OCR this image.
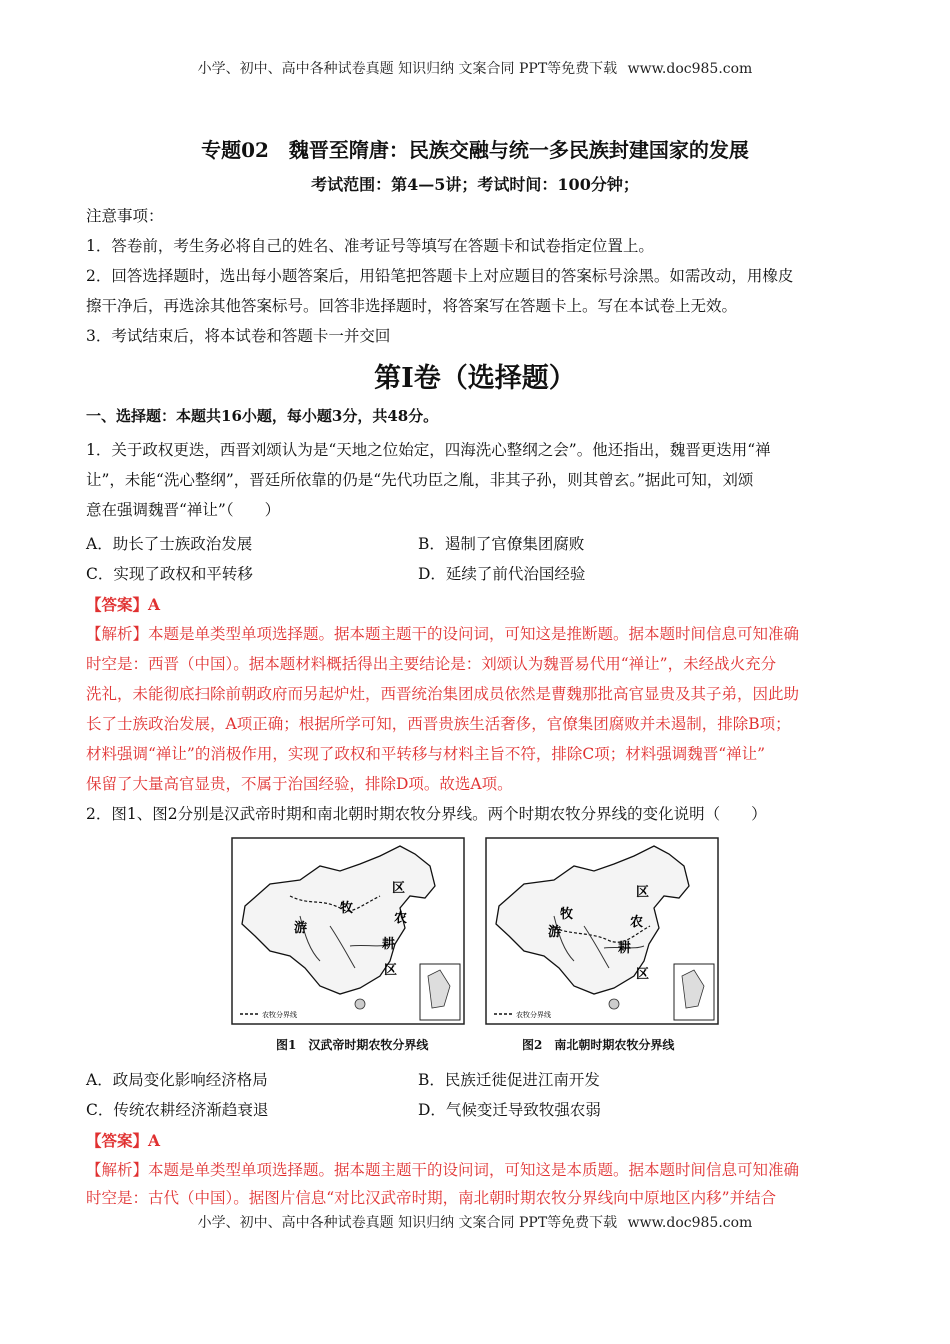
小学、初中、高中各种试卷真题 知识归纳 文案合同 PPT等免费下载 www.doc985.com
专题02　魏晋至隋唐：民族交融与统一多民族封建国家的发展
考试范围：第4—5讲；考试时间：100分钟；
注意事项：
1．答卷前，考生务必将自己的姓名、准考证号等填写在答题卡和试卷指定位置上。
2．回答选择题时，选出每小题答案后，用铅笔把答题卡上对应题目的答案标号涂黑。如需改动，用橡皮
擦干净后，再选涂其他答案标号。回答非选择题时，将答案写在答题卡上。写在本试卷上无效。
3．考试结束后，将本试卷和答题卡一并交回
第I卷（选择题）
一、选择题：本题共16小题，每小题3分，共48分。
1．关于政权更迭，西晋刘颂认为是“天地之位始定，四海洗心整纲之会”。他还指出，魏晋更迭用“禅
让”，未能“洗心整纲”，晋廷所依靠的仍是“先代功臣之胤，非其子孙，则其曾玄。”据此可知，刘颂
意在强调魏晋“禅让”（　　）
A．助长了士族政治发展	B．遏制了官僚集团腐败
C．实现了政权和平转移	D．延续了前代治国经验
【答案】A
【解析】本题是单类型单项选择题。据本题主题干的设问词，可知这是推断题。据本题时间信息可知准确
时空是：西晋（中国）。据本题材料概括得出主要结论是：刘颂认为魏晋易代用“禅让”，未经战火充分
洗礼，未能彻底扫除前朝政府而另起炉灶，西晋统治集团成员依然是曹魏那批高官显贵及其子弟，因此助
长了士族政治发展，A项正确；根据所学可知，西晋贵族生活奢侈，官僚集团腐败并未遏制，排除B项；
材料强调“禅让”的消极作用，实现了政权和平转移与材料主旨不符，排除C项；材料强调魏晋“禅让”
保留了大量高官显贵，不属于治国经验，排除D项。故选A项。
2．图1、图2分别是汉武帝时期和南北朝时期农牧分界线。两个时期农牧分界线的变化说明（　　）
牧
区
农
耕
区
游
牧
区
农
耕
区
游
农牧分界线	农牧分界线
图1　汉武帝时期农牧分界线	图2　南北朝时期农牧分界线
A．政局变化影响经济格局	B．民族迁徙促进江南开发
C．传统农耕经济渐趋衰退	D．气候变迁导致牧强农弱
【答案】A
【解析】本题是单类型单项选择题。据本题主题干的设问词，可知这是本质题。据本题时间信息可知准确
时空是：古代（中国）。据图片信息“对比汉武帝时期，南北朝时期农牧分界线向中原地区内移”并结合
小学、初中、高中各种试卷真题 知识归纳 文案合同 PPT等免费下载 www.doc985.com
